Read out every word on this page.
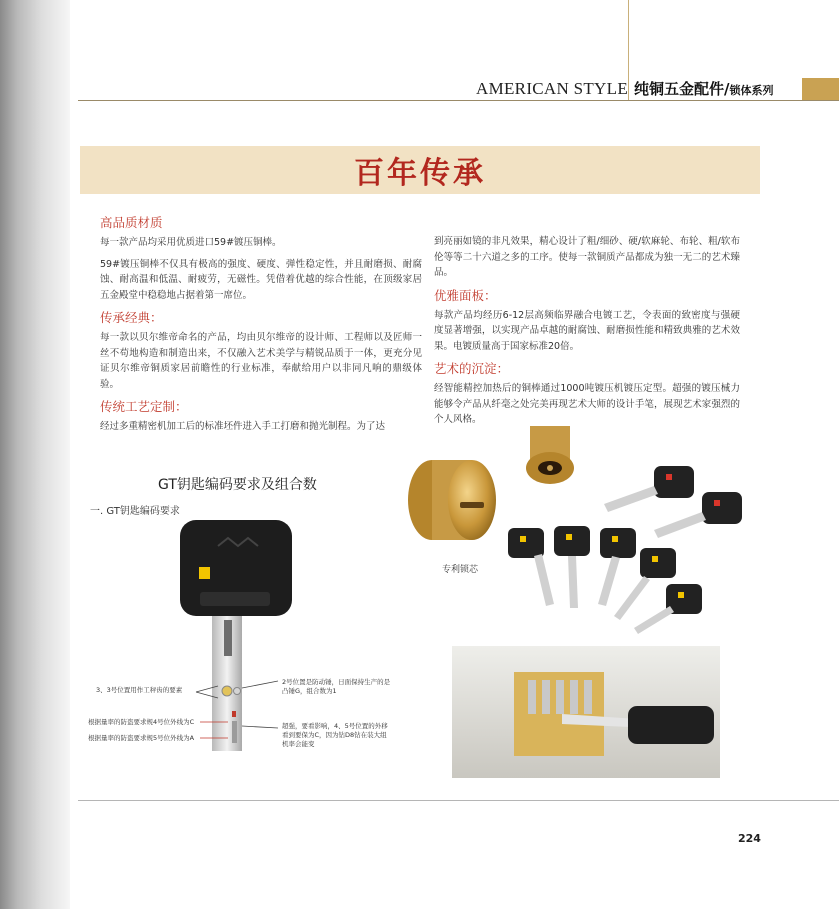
AMERICAN STYLE 纯铜五金配件 / 锁体系列
百年传承
高品质材质
每一款产品均采用优质进口59#镀压铜棒。
59#镀压铜棒不仅具有极高的强度、硬度、弹性稳定性，并且耐磨损、耐腐蚀、耐高温和低温、耐疲劳，无磁性。凭借着优越的综合性能，在顶级家居五金殿堂中稳稳地占据着第一席位。
传承经典：
每一款以贝尔维帝命名的产品，均由贝尔维帝的设计师、工程师以及匠师一丝不苟地构造和制造出来，不仅融入艺术美学与精锐品质于一体，更充分见证贝尔维帝铜质家居前瞻性的行业标准，奉献给用户以非同凡响的鼎级体验。
传统工艺定制：
经过多重精密机加工后的标准坯件进入手工打磨和抛光制程。为了达
到亮丽如镜的非凡效果，精心设计了粗/细砂、硬/软麻轮、布轮、粗/软布伦等等二十六道之多的工序。使每一款铜质产品都成为独一无二的艺术臻品。
优雅面板：
每款产品均经历6-12层高频临界融合电镀工艺，令表面的致密度与强硬度显著增强，以实现产品卓越的耐腐蚀、耐磨损性能和精致典雅的艺术效果。电镀质量高于国家标准20倍。
艺术的沉淀：
经智能精控加热后的铜棒通过1000吨镀压机镀压定型。超强的镀压械力能够令产品从纤毫之处完美再现艺术大师的设计手笔，展现艺术家强烈的个人风格。
GT钥匙编码要求及组合数
一. GT钥匙编码要求
3、3号位置用作工秤齿的要素
根据量率的防盗要求规4号位外线为C
根据量率的防盗要求规5号位外线为A
2号位置是防动锤，日面保持生产的是凸锤G，组合数为1
超强，要看影响，4、5号位置的外移看到要保为C，因为钻D8钻在装大组机率会能变
专利锁芯
224
